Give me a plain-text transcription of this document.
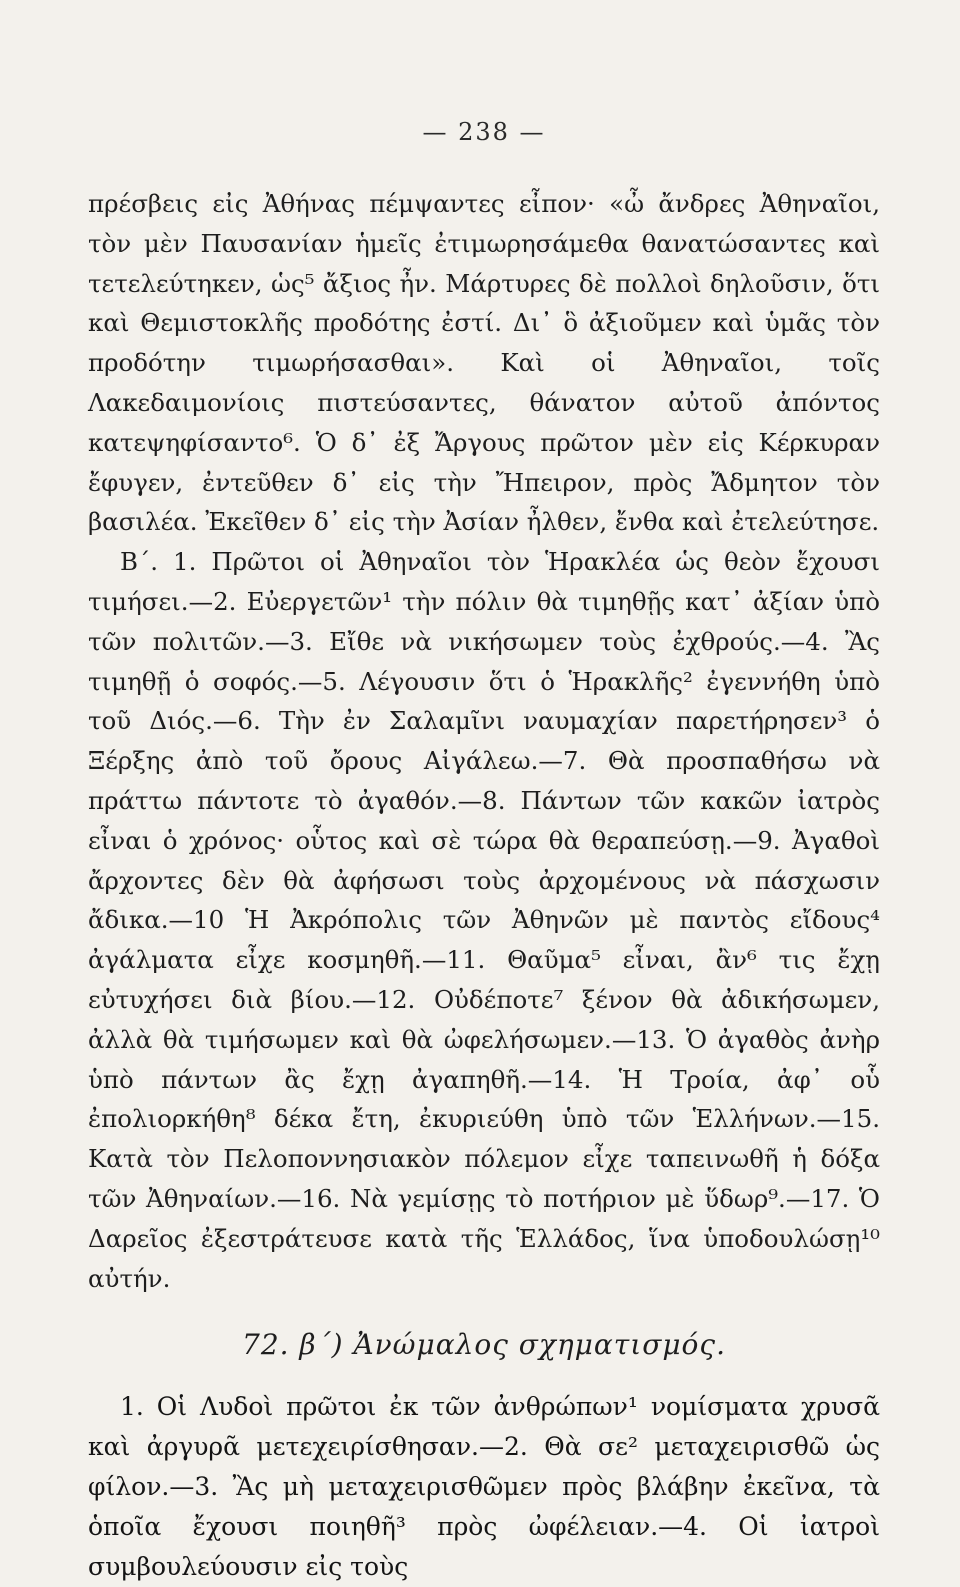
— 238 —

πρέσβεις εἰς Ἀθήνας πέμψαντες εἶπον· «ὦ ἄνδρες Ἀθηναῖοι, τὸν μὲν Παυσανίαν ἡμεῖς ἐτιμωρησάμεθα θανατώσαντες καὶ τετελεύτηκεν, ὡς⁵ ἄξιος ἦν. Μάρτυρες δὲ πολλοὶ δηλοῦσιν, ὅτι καὶ Θεμιστοκλῆς προδότης ἐστί. Δι᾽ ὃ ἀξιοῦμεν καὶ ὑμᾶς τὸν προδότην τιμωρήσασθαι». Καὶ οἱ Ἀθηναῖοι, τοῖς Λακεδαιμονίοις πιστεύσαντες, θάνατον αὐτοῦ ἀπόντος κατεψηφίσαντο⁶. Ὁ δ᾽ ἐξ Ἄργους πρῶτον μὲν εἰς Κέρκυραν ἔφυγεν, ἐντεῦθεν δ᾽ εἰς τὴν Ἤπειρον, πρὸς Ἄδμητον τὸν βασιλέα. Ἐκεῖθεν δ᾽ εἰς τὴν Ἀσίαν ἦλθεν, ἔνθα καὶ ἐτελεύτησε.

Β΄. 1. Πρῶτοι οἱ Ἀθηναῖοι τὸν Ἡρακλέα ὡς θεὸν ἔχουσι τιμήσει.—2. Εὐεργετῶν¹ τὴν πόλιν θὰ τιμηθῇς κατ᾽ ἀξίαν ὑπὸ τῶν πολιτῶν.—3. Εἴθε νὰ νικήσωμεν τοὺς ἐχθρούς.—4. Ἂς τιμηθῇ ὁ σοφός.—5. Λέγουσιν ὅτι ὁ Ἡρακλῆς² ἐγεννήθη ὑπὸ τοῦ Διός.—6. Τὴν ἐν Σαλαμῖνι ναυμαχίαν παρετήρησεν³ ὁ Ξέρξης ἀπὸ τοῦ ὄρους Αἰγάλεω.—7. Θὰ προσπαθήσω νὰ πράττω πάντοτε τὸ ἀγαθόν.—8. Πάντων τῶν κακῶν ἰατρὸς εἶναι ὁ χρόνος· οὗτος καὶ σὲ τώρα θὰ θεραπεύσῃ.—9. Ἀγαθοὶ ἄρχοντες δὲν θὰ ἀφήσωσι τοὺς ἀρχομένους νὰ πάσχωσιν ἄδικα.—10 Ἡ Ἀκρόπολις τῶν Ἀθηνῶν μὲ παντὸς εἴδους⁴ ἀγάλματα εἶχε κοσμηθῆ.—11. Θαῦμα⁵ εἶναι, ἂν⁶ τις ἔχῃ εὐτυχήσει διὰ βίου.—12. Οὐδέποτε⁷ ξένον θὰ ἀδικήσωμεν, ἀλλὰ θὰ τιμήσωμεν καὶ θὰ ὠφελήσωμεν.—13. Ὁ ἀγαθὸς ἀνὴρ ὑπὸ πάντων ἂς ἔχῃ ἀγαπηθῆ.—14. Ἡ Τροία, ἀφ᾽ οὗ ἐπολιορκήθη⁸ δέκα ἔτη, ἐκυριεύθη ὑπὸ τῶν Ἑλλήνων.—15. Κατὰ τὸν Πελοποννησιακὸν πόλεμον εἶχε ταπεινωθῆ ἡ δόξα τῶν Ἀθηναίων.—16. Νὰ γεμίσῃς τὸ ποτήριον μὲ ὕδωρ⁹.—17. Ὁ Δαρεῖος ἐξεστράτευσε κατὰ τῆς Ἑλλάδος, ἵνα ὑποδουλώσῃ¹⁰ αὐτήν.

72. β΄) Ἀνώμαλος σχηματισμός.

1. Οἱ Λυδοὶ πρῶτοι ἐκ τῶν ἀνθρώπων¹ νομίσματα χρυσᾶ καὶ ἀργυρᾶ μετεχειρίσθησαν.—2. Θὰ σε² μεταχειρισθῶ ὡς φίλον.—3. Ἂς μὴ μεταχειρισθῶμεν πρὸς βλάβην ἐκεῖνα, τὰ ὁποῖα ἔχουσι ποιηθῆ³ πρὸς ὠφέλειαν.—4. Οἱ ἰατροὶ συμβουλεύουσιν εἰς τοὺς
